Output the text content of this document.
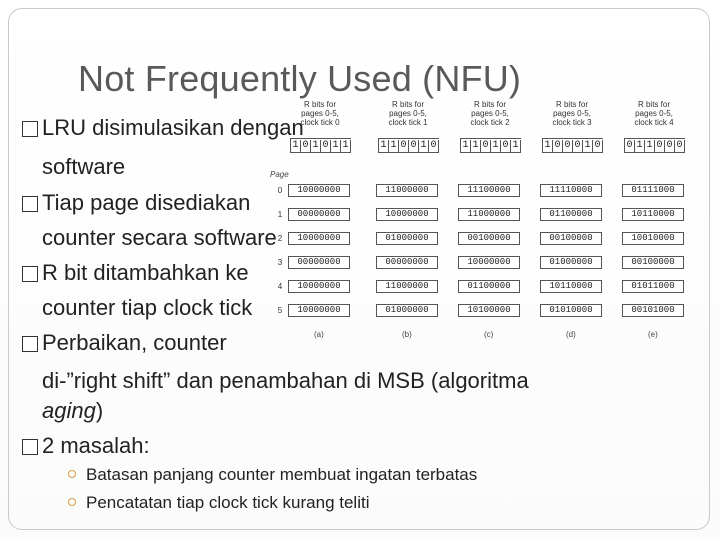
Not Frequently Used (NFU)
Page
R bits for
pages 0-5,
clock tick 0
1 0 1 0 1 1
10000000
00000000
10000000
00000000
10000000
10000000
(a)
R bits for
pages 0-5,
clock tick 1
1 1 0 0 1 0
11000000
10000000
01000000
00000000
11000000
01000000
(b)
R bits for
pages 0-5,
clock tick 2
1 1 0 1 0 1
11100000
11000000
00100000
10000000
01100000
10100000
(c)
R bits for
pages 0-5,
clock tick 3
1 0 0 0 1 0
11110000
01100000
00100000
01000000
10110000
01010000
(d)
R bits for
pages 0-5,
clock tick 4
0 1 1 0 0 0
01111000
10110000
10010000
00100000
01011000
00101000
(e)
0
1
2
3
4
5
LRU disimulasikan dengan
software
Tiap page disediakan
counter secara software
R bit ditambahkan ke
counter tiap clock tick
Perbaikan, counter
di-”right shift” dan penambahan di MSB (algoritma
aging)
2 masalah:
Batasan panjang counter membuat ingatan terbatas
Pencatatan tiap clock tick kurang teliti
